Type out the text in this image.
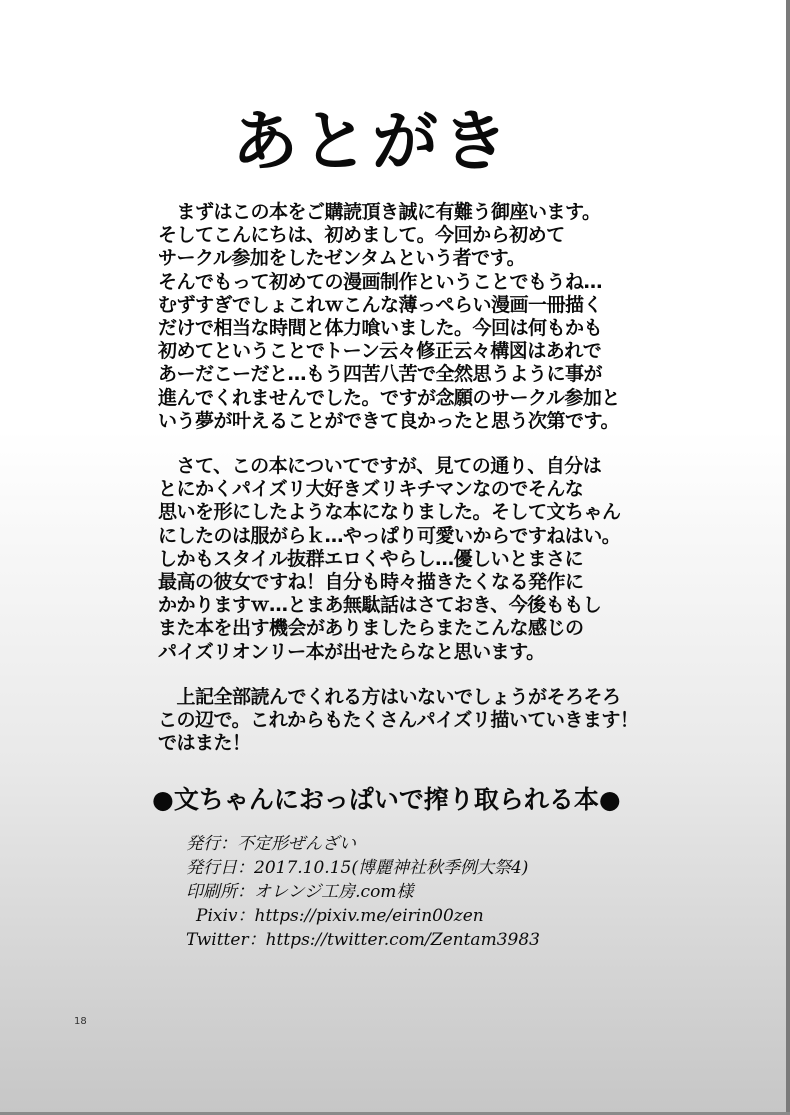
あとがき

　まずはこの本をご購読頂き誠に有難う御座います。
そしてこんにちは、初めまして。今回から初めて
サークル参加をしたゼンタムという者です。
そんでもって初めての漫画制作ということでもうね…
むずすぎでしょこれｗこんな薄っぺらい漫画一冊描く
だけで相当な時間と体力喰いました。今回は何もかも
初めてということでトーン云々修正云々構図はあれで
あーだこーだと…もう四苦八苦で全然思うように事が
進んでくれませんでした。ですが念願のサークル参加と
いう夢が叶えることができて良かったと思う次第です。

　さて、この本についてですが、見ての通り、自分は
とにかくパイズリ大好きズリキチマンなのでそんな
思いを形にしたような本になりました。そして文ちゃん
にしたのは服がらｋ…やっぱり可愛いからですねはい。
しかもスタイル抜群エロくやらし…優しいとまさに
最高の彼女ですね！自分も時々描きたくなる発作に
かかりますｗ…とまあ無駄話はさておき、今後ももし
また本を出す機会がありましたらまたこんな感じの
パイズリオンリー本が出せたらなと思います。

　上記全部読んでくれる方はいないでしょうがそろそろ
この辺で。これからもたくさんパイズリ描いていきます！
ではまた！

●文ちゃんにおっぱいで搾り取られる本●
発行：不定形ぜんざい
発行日：2017.10.15(博麗神社秋季例大祭4)
印刷所：オレンジ工房.com様
Pixiv：https://pixiv.me/eirin00zen
Twitter：https://twitter.com/Zentam3983
18
